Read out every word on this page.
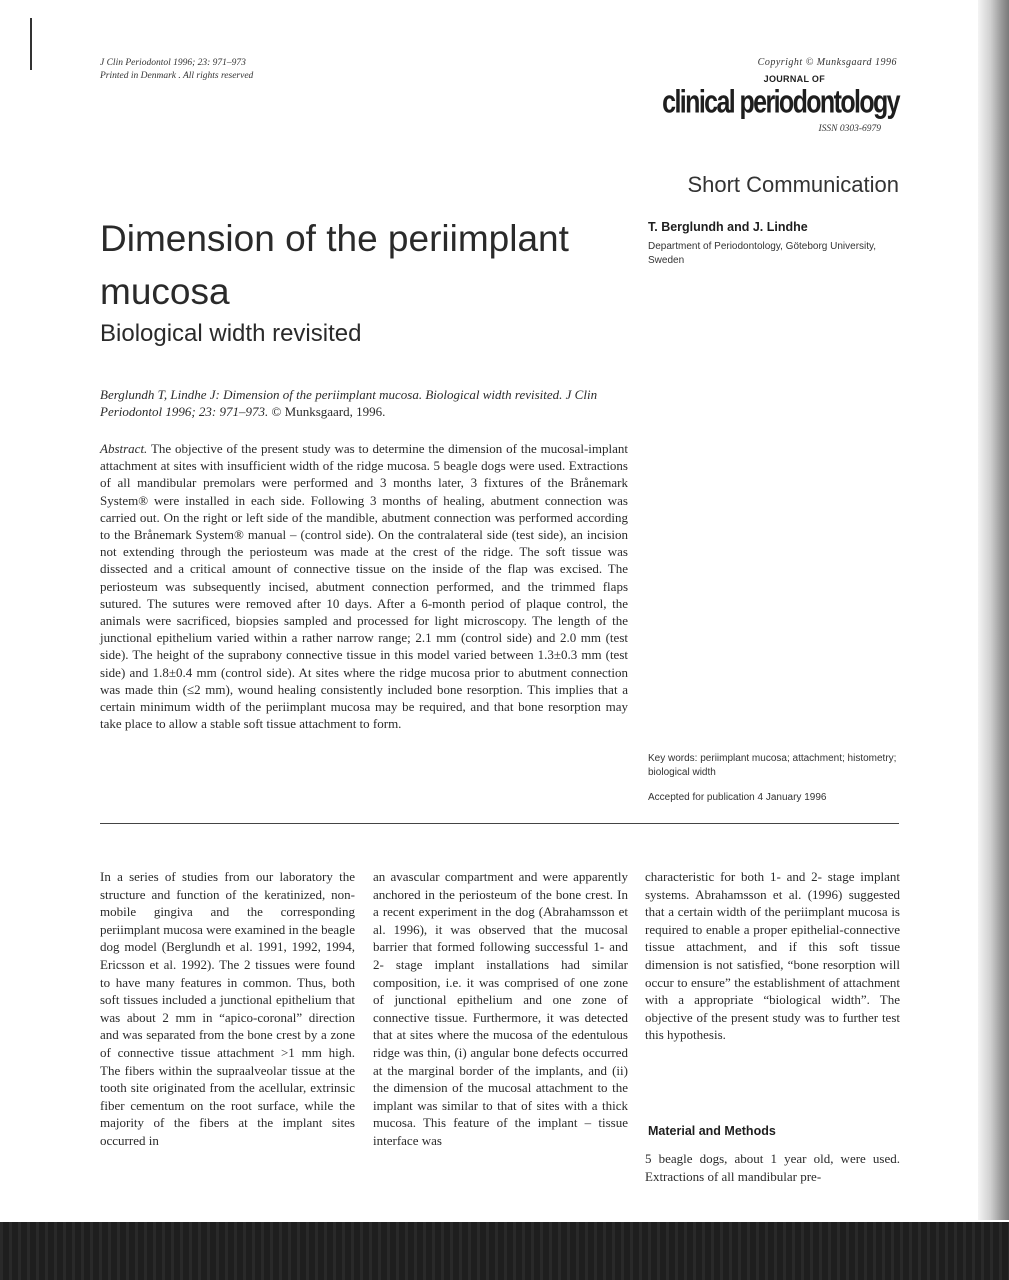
J Clin Periodontol 1996; 23: 971–973
Printed in Denmark . All rights reserved
Copyright © Munksgaard 1996
JOURNAL OF
clinical periodontology
ISSN 0303-6979
Short Communication
Dimension of the periimplant mucosa
Biological width revisited
T. Berglundh and J. Lindhe
Department of Periodontology, Göteborg University, Sweden
Berglundh T, Lindhe J: Dimension of the periimplant mucosa. Biological width revisited. J Clin Periodontol 1996; 23: 971–973. © Munksgaard, 1996.
Abstract. The objective of the present study was to determine the dimension of the mucosal-implant attachment at sites with insufficient width of the ridge mucosa. 5 beagle dogs were used. Extractions of all mandibular premolars were performed and 3 months later, 3 fixtures of the Brånemark System® were installed in each side. Following 3 months of healing, abutment connection was carried out. On the right or left side of the mandible, abutment connection was performed according to the Brånemark System® manual – (control side). On the contralateral side (test side), an incision not extending through the periosteum was made at the crest of the ridge. The soft tissue was dissected and a critical amount of connective tissue on the inside of the flap was excised. The periosteum was subsequently incised, abutment connection performed, and the trimmed flaps sutured. The sutures were removed after 10 days. After a 6-month period of plaque control, the animals were sacrificed, biopsies sampled and processed for light microscopy. The length of the junctional epithelium varied within a rather narrow range; 2.1 mm (control side) and 2.0 mm (test side). The height of the suprabony connective tissue in this model varied between 1.3±0.3 mm (test side) and 1.8±0.4 mm (control side). At sites where the ridge mucosa prior to abutment connection was made thin (≤2 mm), wound healing consistently included bone resorption. This implies that a certain minimum width of the periimplant mucosa may be required, and that bone resorption may take place to allow a stable soft tissue attachment to form.
Key words: periimplant mucosa; attachment; histometry; biological width
Accepted for publication 4 January 1996
In a series of studies from our laboratory the structure and function of the keratinized, non-mobile gingiva and the corresponding periimplant mucosa were examined in the beagle dog model (Berglundh et al. 1991, 1992, 1994, Ericsson et al. 1992). The 2 tissues were found to have many features in common. Thus, both soft tissues included a junctional epithelium that was about 2 mm in “apico-coronal” direction and was separated from the bone crest by a zone of connective tissue attachment >1 mm high. The fibers within the supraalveolar tissue at the tooth site originated from the acellular, extrinsic fiber cementum on the root surface, while the majority of the fibers at the implant sites occurred in
an avascular compartment and were apparently anchored in the periosteum of the bone crest. In a recent experiment in the dog (Abrahamsson et al. 1996), it was observed that the mucosal barrier that formed following successful 1- and 2- stage implant installations had similar composition, i.e. it was comprised of one zone of junctional epithelium and one zone of connective tissue. Furthermore, it was detected that at sites where the mucosa of the edentulous ridge was thin, (i) angular bone defects occurred at the marginal border of the implants, and (ii) the dimension of the mucosal attachment to the implant was similar to that of sites with a thick mucosa. This feature of the implant – tissue interface was
characteristic for both 1- and 2- stage implant systems. Abrahamsson et al. (1996) suggested that a certain width of the periimplant mucosa is required to enable a proper epithelial-connective tissue attachment, and if this soft tissue dimension is not satisfied, “bone resorption will occur to ensure” the establishment of attachment with a appropriate “biological width”. The objective of the present study was to further test this hypothesis.
Material and Methods
5 beagle dogs, about 1 year old, were used. Extractions of all mandibular pre-
